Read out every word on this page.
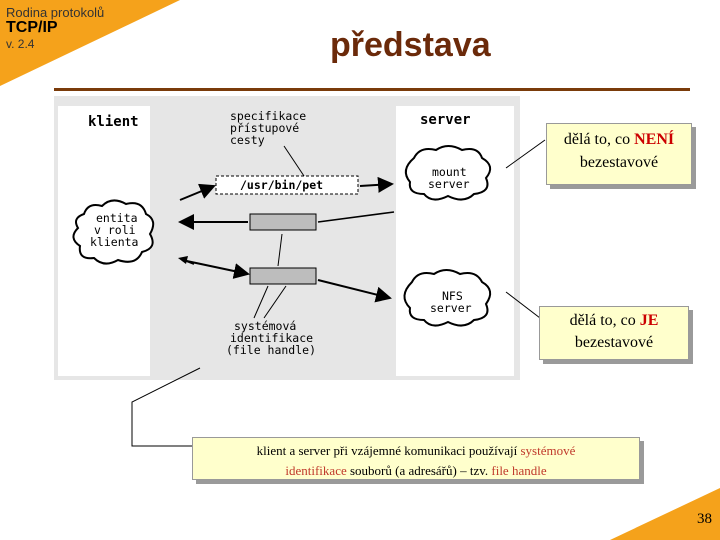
Rodina protokolů
TCP/IP
v. 2.4	představa
klient	server
specifikace
přístupové
cesty
/usr/bin/pet
entita
v roli
klienta
mount
server
NFS
server
systémová
identifikace
(file handle)
dělá to, co NENÍ
bezestavové
dělá to, co JE
bezestavové
klient a server při vzájemné komunikaci používají systémové
identifikace souborů (a adresářů) – tzv. file handle
38
